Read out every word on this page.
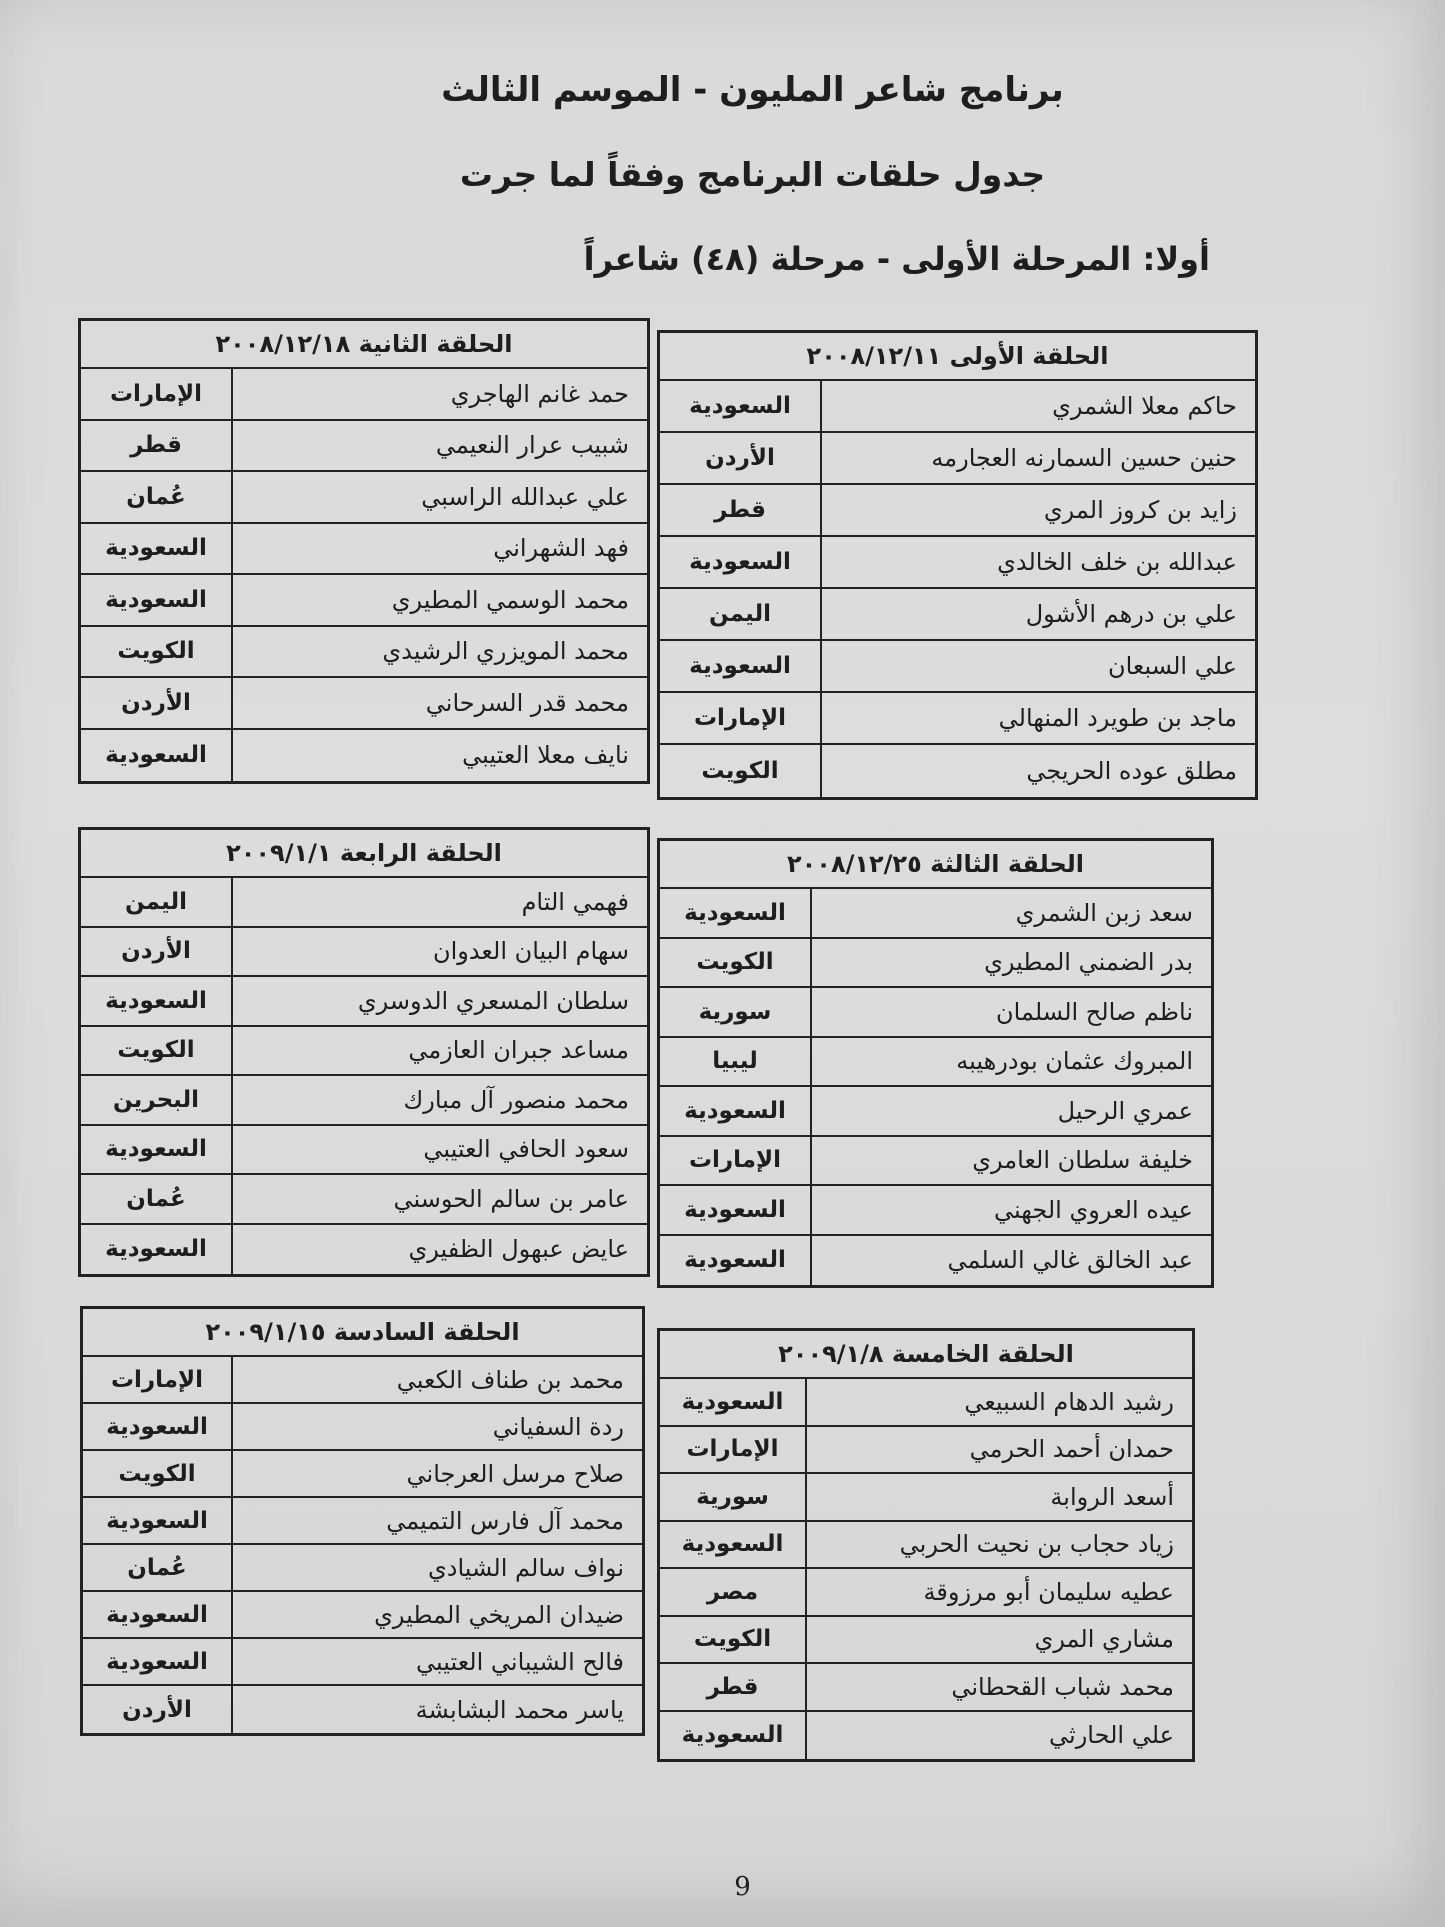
برنامج شاعر المليون - الموسم الثالث
جدول حلقات البرنامج وفقاً لما جرت
أولا: المرحلة الأولى - مرحلة (٤٨) شاعراً
الحلقة الأولى ٢٠٠٨/١٢/١١
حاكم معلا الشمري
السعودية
حنين حسين السمارنه العجارمه
الأردن
زايد بن كروز المري
قطر
عبدالله بن خلف الخالدي
السعودية
علي بن درهم الأشول
اليمن
علي السبعان
السعودية
ماجد بن طويرد المنهالي
الإمارات
مطلق عوده الحريجي
الكويت
الحلقة الثانية ٢٠٠٨/١٢/١٨
حمد غانم الهاجري
الإمارات
شبيب عرار النعيمي
قطر
علي عبدالله الراسبي
عُمان
فهد الشهراني
السعودية
محمد الوسمي المطيري
السعودية
محمد المويزري الرشيدي
الكويت
محمد قدر السرحاني
الأردن
نايف معلا العتيبي
السعودية
الحلقة الثالثة ٢٠٠٨/١٢/٢٥
سعد زبن الشمري
السعودية
بدر الضمني المطيري
الكويت
ناظم صالح السلمان
سورية
المبروك عثمان بودرهيبه
ليبيا
عمري الرحيل
السعودية
خليفة سلطان العامري
الإمارات
عيده العروي الجهني
السعودية
عبد الخالق غالي السلمي
السعودية
الحلقة الرابعة ٢٠٠٩/١/١
فهمي التام
اليمن
سهام البيان العدوان
الأردن
سلطان المسعري الدوسري
السعودية
مساعد جبران العازمي
الكويت
محمد منصور آل مبارك
البحرين
سعود الحافي العتيبي
السعودية
عامر بن سالم الحوسني
عُمان
عايض عبهول الظفيري
السعودية
الحلقة الخامسة ٢٠٠٩/١/٨
رشيد الدهام السبيعي
السعودية
حمدان أحمد الحرمي
الإمارات
أسعد الروابة
سورية
زياد حجاب بن نحيت الحربي
السعودية
عطيه سليمان أبو مرزوقة
مصر
مشاري المري
الكويت
محمد شباب القحطاني
قطر
علي الحارثي
السعودية
الحلقة السادسة ٢٠٠٩/١/١٥
محمد بن طناف الكعبي
الإمارات
ردة السفياني
السعودية
صلاح مرسل العرجاني
الكويت
محمد آل فارس التميمي
السعودية
نواف سالم الشيادي
عُمان
ضيدان المريخي المطيري
السعودية
فالح الشيباني العتيبي
السعودية
ياسر محمد البشابشة
الأردن
9
